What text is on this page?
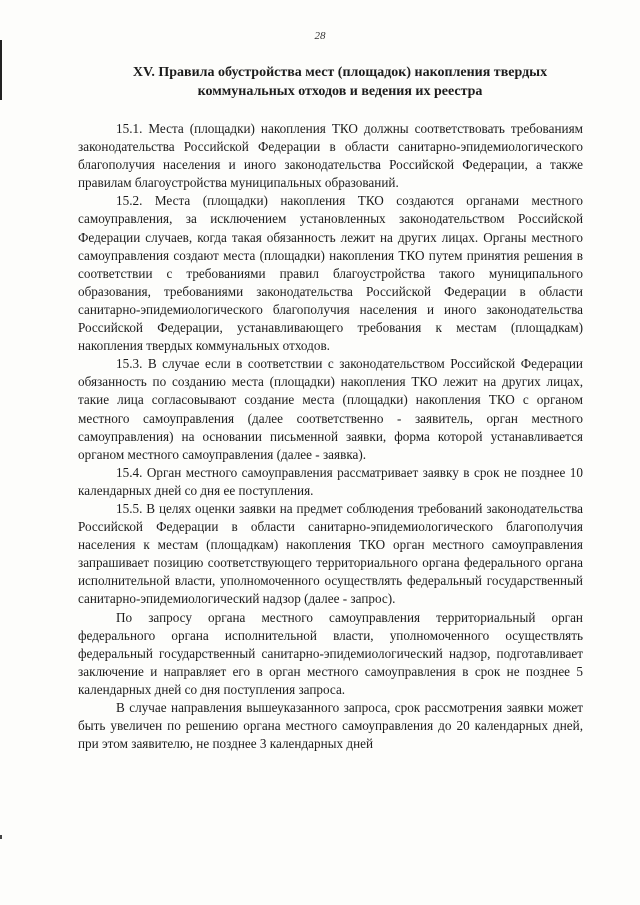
28
XV. Правила обустройства мест (площадок) накопления твердых
коммунальных отходов и ведения их реестра

15.1. Места (площадки) накопления ТКО должны соответствовать требованиям законодательства Российской Федерации в области санитарно-эпидемиологического благополучия населения и иного законодательства Российской Федерации, а также правилам благоустройства муниципальных образований.

15.2. Места (площадки) накопления ТКО создаются органами местного самоуправления, за исключением установленных законодательством Российской Федерации случаев, когда такая обязанность лежит на других лицах. Органы местного самоуправления создают места (площадки) накопления ТКО путем принятия решения в соответствии с требованиями правил благоустройства такого муниципального образования, требованиями законодательства Российской Федерации в области санитарно-эпидемиологического благополучия населения и иного законодательства Российской Федерации, устанавливающего требования к местам (площадкам) накопления твердых коммунальных отходов.

15.3. В случае если в соответствии с законодательством Российской Федерации обязанность по созданию места (площадки) накопления ТКО лежит на других лицах, такие лица согласовывают создание места (площадки) накопления ТКО с органом местного самоуправления (далее соответственно - заявитель, орган местного самоуправления) на основании письменной заявки, форма которой устанавливается органом местного самоуправления (далее - заявка).

15.4. Орган местного самоуправления рассматривает заявку в срок не позднее 10 календарных дней со дня ее поступления.

15.5. В целях оценки заявки на предмет соблюдения требований законодательства Российской Федерации в области санитарно-эпидемиологического благополучия населения к местам (площадкам) накопления ТКО орган местного самоуправления запрашивает позицию соответствующего территориального органа федерального органа исполнительной власти, уполномоченного осуществлять федеральный государственный санитарно-эпидемиологический надзор (далее - запрос).

По запросу органа местного самоуправления территориальный орган федерального органа исполнительной власти, уполномоченного осуществлять федеральный государственный санитарно-эпидемиологический надзор, подготавливает заключение и направляет его в орган местного самоуправления в срок не позднее 5 календарных дней со дня поступления запроса.

В случае направления вышеуказанного запроса, срок рассмотрения заявки может быть увеличен по решению органа местного самоуправления до 20 календарных дней, при этом заявителю, не позднее 3 календарных дней
